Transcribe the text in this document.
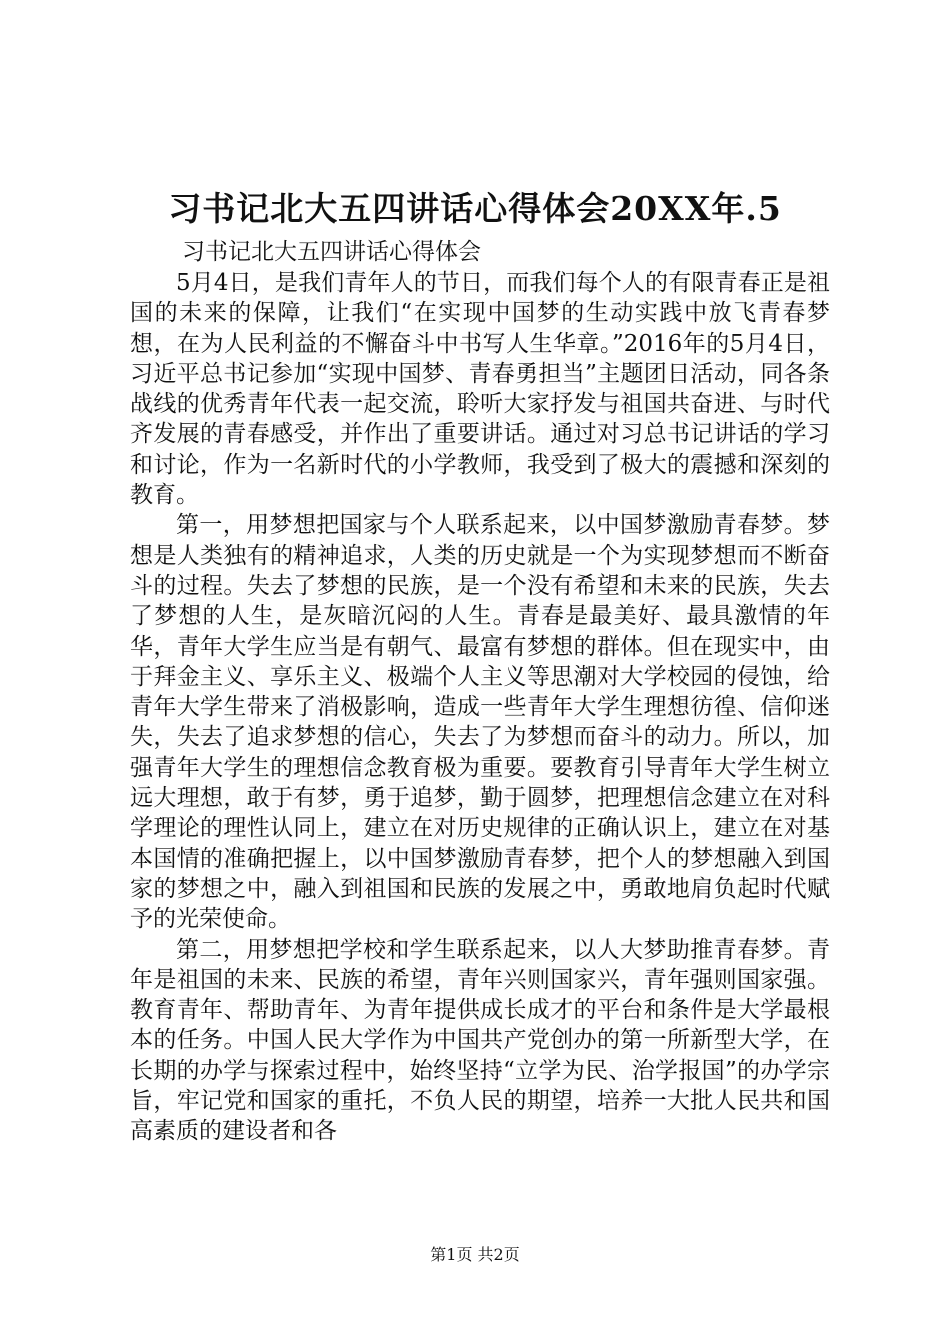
习书记北大五四讲话心得体会20XX年.5
习书记北大五四讲话心得体会

5月4日，是我们青年人的节日，而我们每个人的有限青春正是祖国的未来的保障，让我们“在实现中国梦的生动实践中放飞青春梦想，在为人民利益的不懈奋斗中书写人生华章。”2016年的5月4日，习近平总书记参加“实现中国梦、青春勇担当”主题团日活动，同各条战线的优秀青年代表一起交流，聆听大家抒发与祖国共奋进、与时代齐发展的青春感受，并作出了重要讲话。通过对习总书记讲话的学习和讨论，作为一名新时代的小学教师，我受到了极大的震撼和深刻的教育。

第一，用梦想把国家与个人联系起来，以中国梦激励青春梦。梦想是人类独有的精神追求，人类的历史就是一个为实现梦想而不断奋斗的过程。失去了梦想的民族，是一个没有希望和未来的民族，失去了梦想的人生，是灰暗沉闷的人生。青春是最美好、最具激情的年华，青年大学生应当是有朝气、最富有梦想的群体。但在现实中，由于拜金主义、享乐主义、极端个人主义等思潮对大学校园的侵蚀，给青年大学生带来了消极影响，造成一些青年大学生理想彷徨、信仰迷失，失去了追求梦想的信心，失去了为梦想而奋斗的动力。所以，加强青年大学生的理想信念教育极为重要。要教育引导青年大学生树立远大理想，敢于有梦，勇于追梦，勤于圆梦，把理想信念建立在对科学理论的理性认同上，建立在对历史规律的正确认识上，建立在对基本国情的准确把握上，以中国梦激励青春梦，把个人的梦想融入到国家的梦想之中，融入到祖国和民族的发展之中，勇敢地肩负起时代赋予的光荣使命。

第二，用梦想把学校和学生联系起来，以人大梦助推青春梦。青年是祖国的未来、民族的希望，青年兴则国家兴，青年强则国家强。教育青年、帮助青年、为青年提供成长成才的平台和条件是大学最根本的任务。中国人民大学作为中国共产党创办的第一所新型大学，在长期的办学与探索过程中，始终坚持“立学为民、治学报国”的办学宗旨，牢记党和国家的重托，不负人民的期望，培养一大批人民共和国高素质的建设者和各

第1页 共2页
